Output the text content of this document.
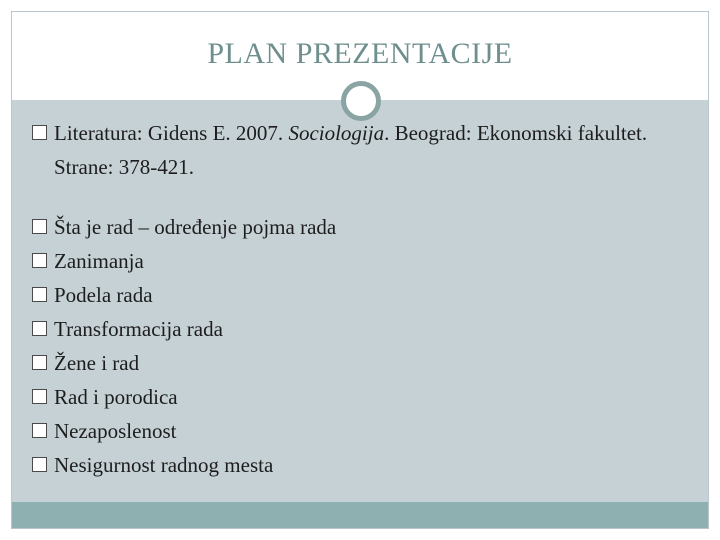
PLAN PREZENTACIJE
Literatura: Gidens E. 2007. Sociologija. Beograd: Ekonomski fakultet. Strane: 378-421.
Šta je rad – određenje pojma rada
Zanimanja
Podela rada
Transformacija rada
Žene i rad
Rad i porodica
Nezaposlenost
Nesigurnost radnog mesta
